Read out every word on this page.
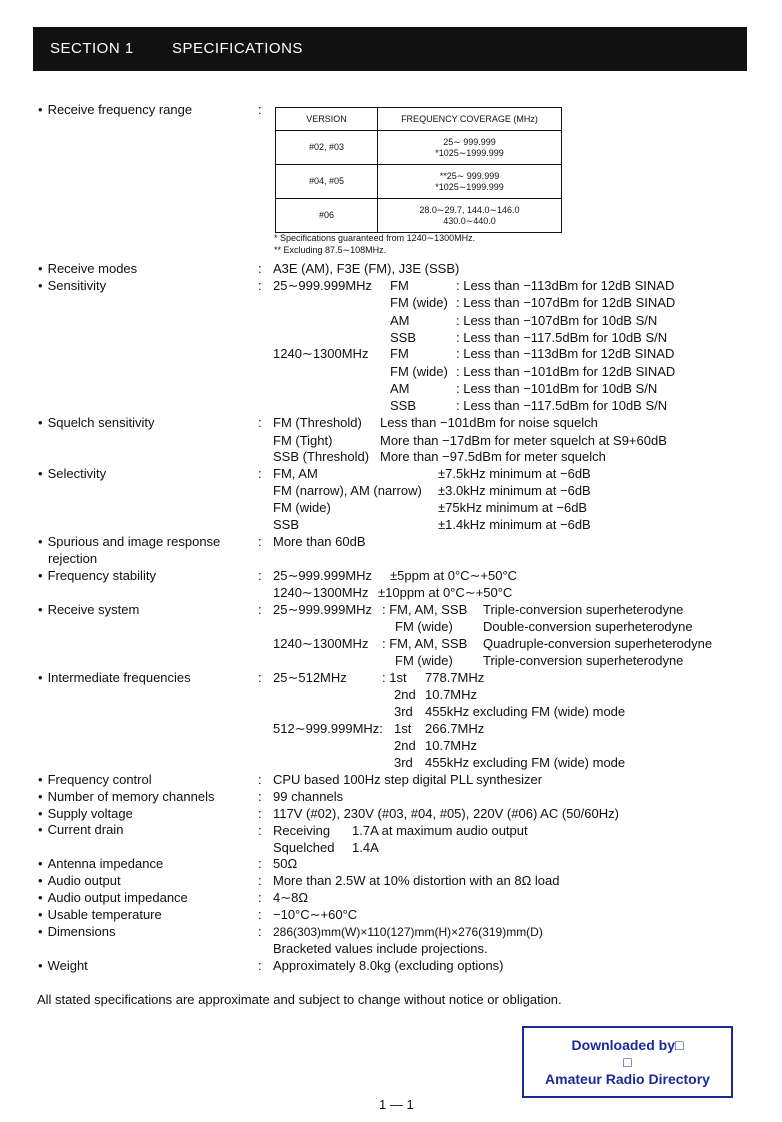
SECTION 1	SPECIFICATIONS
• Receive frequency range	:
VERSION	FREQUENCY COVERAGE (MHz)
#02, #03	25∼ 999.999
*1025∼1999.999

#04, #05	**25∼ 999.999
*1025∼1999.999

#06	28.0∼29.7, 144.0∼146.0
430.0∼440.0
* Specifications guaranteed from 1240∼1300MHz.
** Excluding 87.5∼108MHz.
• Receive modes	: A3E (AM), F3E (FM), J3E (SSB)
• Sensitivity	: 25∼999.999MHz FM	: Less than −113dBm for 12dB SINAD
FM (wide) : Less than −107dBm for 12dB SINAD
AM	: Less than −107dBm for 10dB S/N
SSB	: Less than −117.5dBm for 10dB S/N
1240∼1300MHz FM	: Less than −113dBm for 12dB SINAD
FM (wide) : Less than −101dBm for 12dB SINAD
AM	: Less than −101dBm for 10dB S/N
SSB	: Less than −117.5dBm for 10dB S/N
• Squelch sensitivity	: FM (Threshold) Less than −101dBm for noise squelch
FM (Tight)	More than −17dBm for meter squelch at S9+60dB
SSB (Threshold) More than −97.5dBm for meter squelch
• Selectivity	: FM, AM	±7.5kHz minimum at −6dB
FM (narrow), AM (narrow) ±3.0kHz minimum at −6dB
FM (wide)	±75kHz minimum at −6dB
SSB	±1.4kHz minimum at −6dB
• Spurious and image response
rejection
: More than 60dB
• Frequency stability	: 25∼999.999MHz ±5ppm at 0°C∼+50°C
1240∼1300MHz ±10ppm at 0°C∼+50°C
• Receive system	: 25∼999.999MHz : FM, AM, SSB Triple-conversion superheterodyne
FM (wide) Double-conversion superheterodyne
1240∼1300MHz : FM, AM, SSB Quadruple-conversion superheterodyne
FM (wide) Triple-conversion superheterodyne
• Intermediate frequencies	: 25∼512MHz	: 1st 778.7MHz
2nd 10.7MHz
3rd 455kHz excluding FM (wide) mode
512∼999.999MHz: 1st 266.7MHz
2nd 10.7MHz
3rd 455kHz excluding FM (wide) mode
• Frequency control	: CPU based 100Hz step digital PLL synthesizer
• Number of memory channels	: 99 channels
• Supply voltage	: 117V (#02), 230V (#03, #04, #05), 220V (#06) AC (50/60Hz)
• Current drain	: Receiving 1.7A at maximum audio output
Squelched 1.4A
• Antenna impedance	: 50Ω
• Audio output	: More than 2.5W at 10% distortion with an 8Ω load
• Audio output impedance	: 4∼8Ω
• Usable temperature	: −10°C∼+60°C
• Dimensions	: 286(303)mm(W)×110(127)mm(H)×276(319)mm(D)
Bracketed values include projections.
• Weight	: Approximately 8.0kg (excluding options)
All stated specifications are approximate and subject to change without notice or obligation.
Downloaded by□
□
Amateur Radio Directory
1 — 1
